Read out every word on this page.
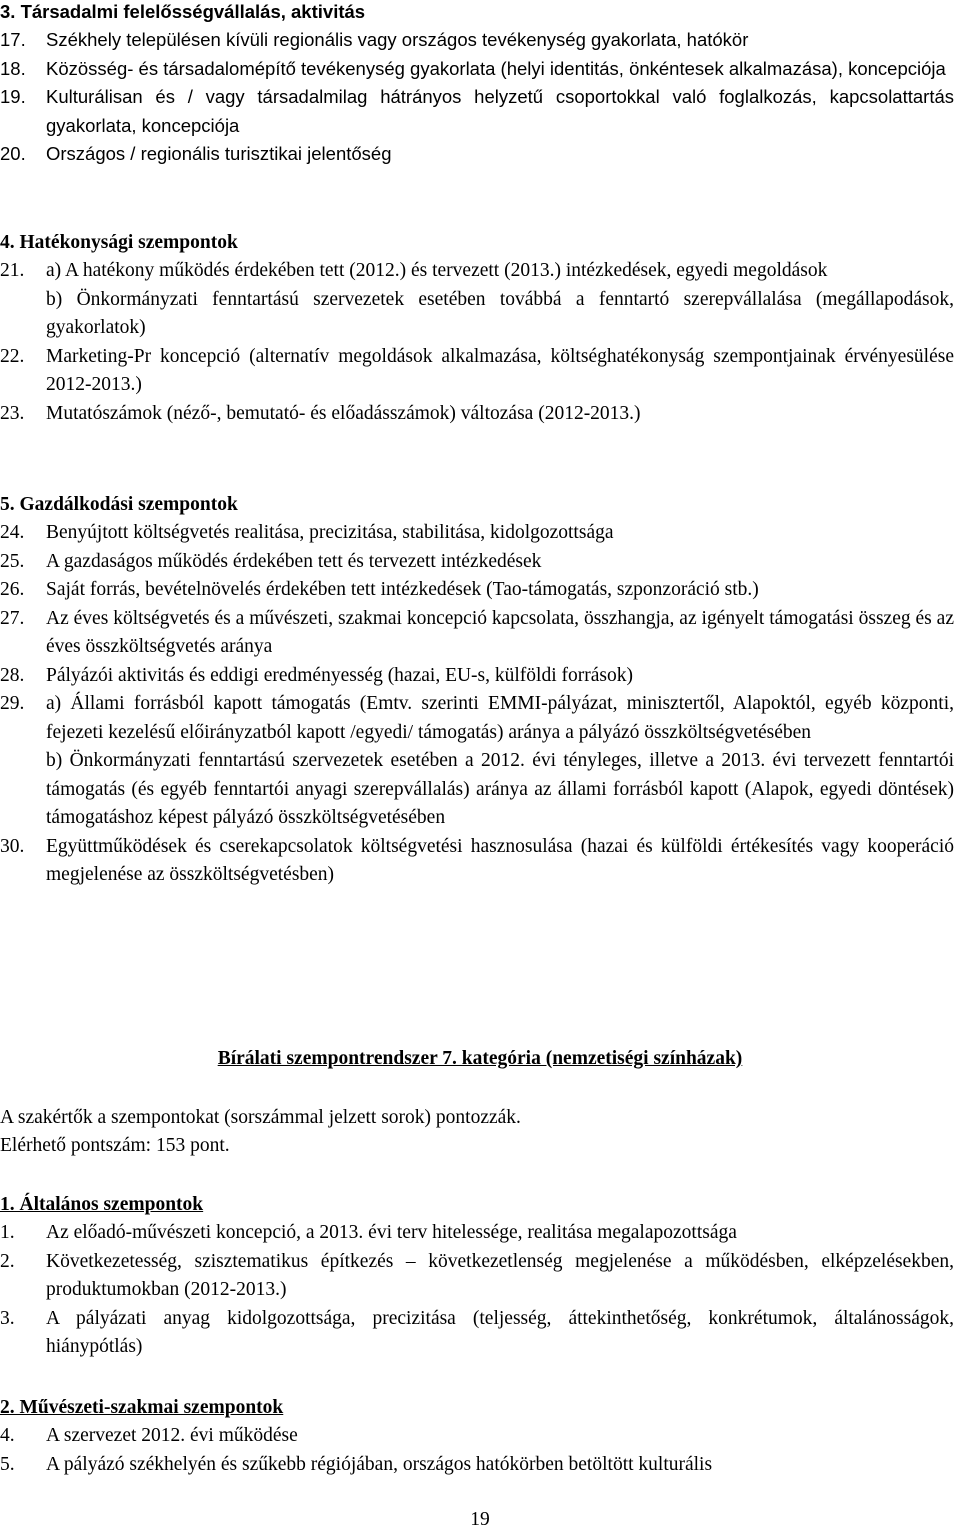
3. Társadalmi felelősségvállalás, aktivitás
17.	Székhely településen kívüli regionális vagy országos tevékenység gyakorlata, hatókör
18.	Közösség- és társadalomépítő tevékenység gyakorlata (helyi identitás, önkéntesek alkalmazása), koncepciója
19.	Kulturálisan és / vagy társadalmilag hátrányos helyzetű csoportokkal való foglalkozás, kapcsolattartás gyakorlata, koncepciója
20.	Országos / regionális turisztikai jelentőség
4. Hatékonysági szempontok
21.	a) A hatékony működés érdekében tett (2012.) és tervezett (2013.) intézkedések, egyedi megoldások
b) Önkormányzati fenntartású szervezetek esetében továbbá a fenntartó szerepvállalása (megállapodások, gyakorlatok)
22.	Marketing-Pr koncepció (alternatív megoldások alkalmazása, költséghatékonyság szempontjainak érvényesülése 2012-2013.)
23.	Mutatószámok (néző-, bemutató- és előadásszámok) változása (2012-2013.)
5. Gazdálkodási szempontok
24.	Benyújtott költségvetés realitása, precizitása, stabilitása, kidolgozottsága
25.	A gazdaságos működés érdekében tett és tervezett intézkedések
26.	Saját forrás, bevételnövelés érdekében tett intézkedések (Tao-támogatás, szponzoráció stb.)
27.	Az éves költségvetés és a művészeti, szakmai koncepció kapcsolata, összhangja, az igényelt támogatási összeg és az éves összköltségvetés aránya
28.	Pályázói aktivitás és eddigi eredményesség (hazai, EU-s, külföldi források)
29.	a) Állami forrásból kapott támogatás (Emtv. szerinti EMMI-pályázat, minisztertől, Alapoktól, egyéb központi, fejezeti kezelésű előirányzatból kapott /egyedi/ támogatás) aránya a pályázó összköltségvetésében
b) Önkormányzati fenntartású szervezetek esetében a 2012. évi tényleges, illetve a 2013. évi tervezett fenntartói támogatás (és egyéb fenntartói anyagi szerepvállalás) aránya az állami forrásból kapott (Alapok, egyedi döntések) támogatáshoz képest pályázó összköltségvetésében
30.	Együttműködések és cserekapcsolatok költségvetési hasznosulása (hazai és külföldi értékesítés vagy kooperáció megjelenése az összköltségvetésben)
Bírálati szempontrendszer 7. kategória (nemzetiségi színházak)
A szakértők a szempontokat (sorszámmal jelzett sorok) pontozzák.
Elérhető pontszám: 153 pont.
1. Általános szempontok
1.	Az előadó-művészeti koncepció, a 2013. évi terv hitelessége, realitása megalapozottsága
2.	Következetesség, szisztematikus építkezés – következetlenség megjelenése a működésben, elképzelésekben, produktumokban (2012-2013.)
3.	A pályázati anyag kidolgozottsága, precizitása (teljesség, áttekinthetőség, konkrétumok, általánosságok, hiánypótlás)
2. Művészeti-szakmai szempontok
4.	A szervezet 2012. évi működése
5.	A pályázó székhelyén és szűkebb régiójában, országos hatókörben betöltött kulturális
19
